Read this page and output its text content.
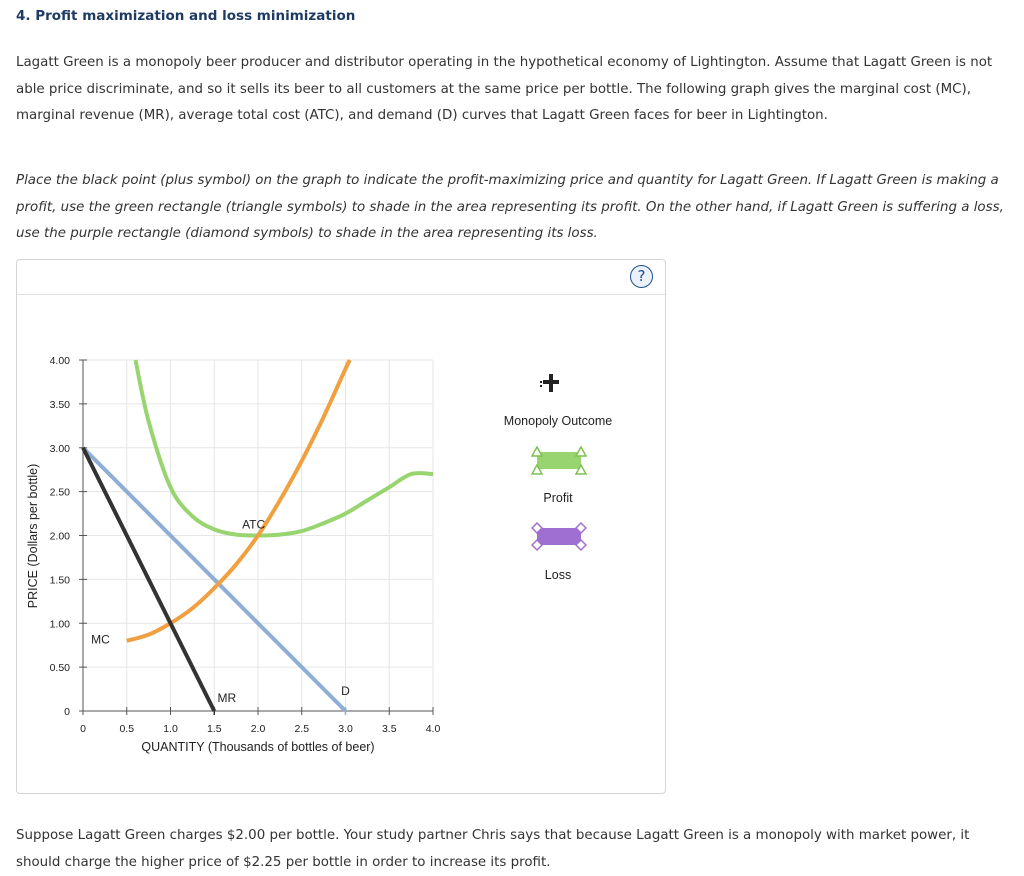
4. Profit maximization and loss minimization
Lagatt Green is a monopoly beer producer and distributor operating in the hypothetical economy of Lightington. Assume that Lagatt Green is not able price discriminate, and so it sells its beer to all customers at the same price per bottle. The following graph gives the marginal cost (MC), marginal revenue (MR), average total cost (ATC), and demand (D) curves that Lagatt Green faces for beer in Lightington.
Place the black point (plus symbol) on the graph to indicate the profit-maximizing price and quantity for Lagatt Green. If Lagatt Green is making a profit, use the green rectangle (triangle symbols) to shade in the area representing its profit. On the other hand, if Lagatt Green is suffering a loss, use the purple rectangle (diamond symbols) to shade in the area representing its loss.
?
0	0.5	1.0	1.5	2.0	2.5	3.0	3.5	4.0
0
0.50
1.00
1.50
2.00
2.50
3.00
3.50
4.00
D
MR
MC
ATC
QUANTITY (Thousands of bottles of beer)
PRICE (Dollars per bottle)
Monopoly Outcome
Profit
Loss
Suppose Lagatt Green charges $2.00 per bottle. Your study partner Chris says that because Lagatt Green is a monopoly with market power, it should charge the higher price of $2.25 per bottle in order to increase its profit.
